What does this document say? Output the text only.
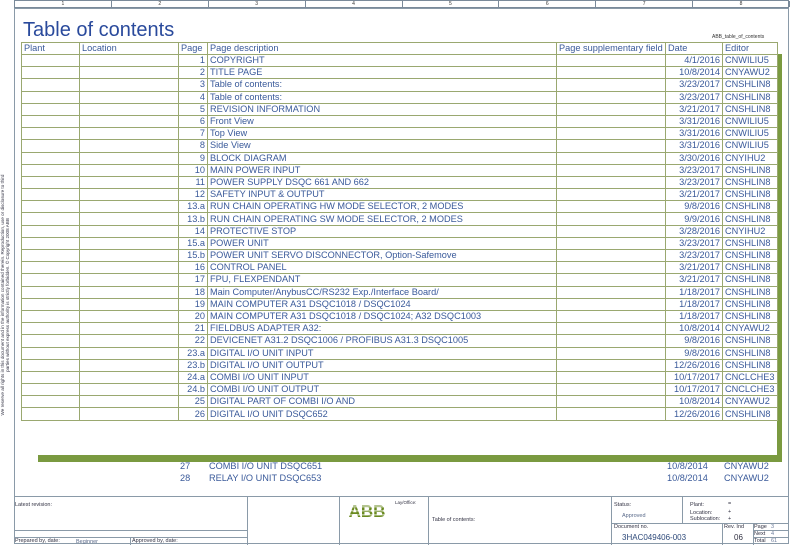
1	2	3	4	5	6	7	8
Table of contents	ABB_table_of_contents
We reserve all rights in this document and in the information contained therein. Reproduction, use or disclosure to third parties without express authority is strictly forbidden. © Copyright 2008 ABB
Plant	Location	Page	Page description	Page supplementary field	Date	Editor
		1	COPYRIGHT		4/1/2016	CNWILIU5
		2	TITLE PAGE		10/8/2014	CNYAWU2
		3	Table of contents:		3/23/2017	CNSHLIN8
		4	Table of contents:		3/23/2017	CNSHLIN8
		5	REVISION INFORMATION		3/21/2017	CNSHLIN8
		6	Front View		3/31/2016	CNWILIU5
		7	Top View		3/31/2016	CNWILIU5
		8	Side View		3/31/2016	CNWILIU5
		9	BLOCK DIAGRAM		3/30/2016	CNYIHU2
		10	MAIN POWER INPUT		3/23/2017	CNSHLIN8
		11	POWER SUPPLY DSQC 661 AND 662		3/23/2017	CNSHLIN8
		12	SAFETY INPUT & OUTPUT		3/21/2017	CNSHLIN8
		13.a	RUN CHAIN OPERATING HW MODE SELECTOR, 2 MODES		9/8/2016	CNSHLIN8
		13.b	RUN CHAIN OPERATING SW MODE SELECTOR, 2 MODES		9/9/2016	CNSHLIN8
		14	PROTECTIVE STOP		3/28/2016	CNYIHU2
		15.a	POWER UNIT		3/23/2017	CNSHLIN8
		15.b	POWER UNIT SERVO DISCONNECTOR, Option-Safemove		3/23/2017	CNSHLIN8
		16	CONTROL PANEL		3/21/2017	CNSHLIN8
		17	FPU, FLEXPENDANT		3/21/2017	CNSHLIN8
		18	Main Computer/AnybusCC/RS232 Exp./Interface Board/		1/18/2017	CNSHLIN8
		19	MAIN COMPUTER A31 DSQC1018 / DSQC1024		1/18/2017	CNSHLIN8
		20	MAIN COMPUTER A31 DSQC1018 / DSQC1024; A32 DSQC1003		1/18/2017	CNSHLIN8
		21	FIELDBUS ADAPTER A32:		10/8/2014	CNYAWU2
		22	DEVICENET A31.2 DSQC1006 / PROFIBUS A31.3 DSQC1005		9/8/2016	CNSHLIN8
		23.a	DIGITAL I/O UNIT INPUT		9/8/2016	CNSHLIN8
		23.b	DIGITAL I/O UNIT OUTPUT		12/26/2016	CNSHLIN8
		24.a	COMBI I/O UNIT INPUT		10/17/2017	CNCLCHE3
		24.b	COMBI I/O UNIT OUTPUT		10/17/2017	CNCLCHE3
		25	DIGITAL PART OF COMBI I/O AND		10/8/2014	CNYAWU2
		26	DIGITAL I/O UNIT DSQC652		12/26/2016	CNSHLIN8
		27	COMBI I/O UNIT DSQC651		10/8/2014	CNYAWU2
		28	RELAY I/O UNIT DSQC653		10/8/2014	CNYAWU2
Latest revision:
Prepared by, date:	Beginner	Approved by, date:
Lay/Office:
Table of contents:
Status:
Approved
Plant:	=
Location:	+
Sublocation: +
Document no.
3HAC049406-003
Rev. Ind
06
Page 3
Next 4
Total 61
ABB
